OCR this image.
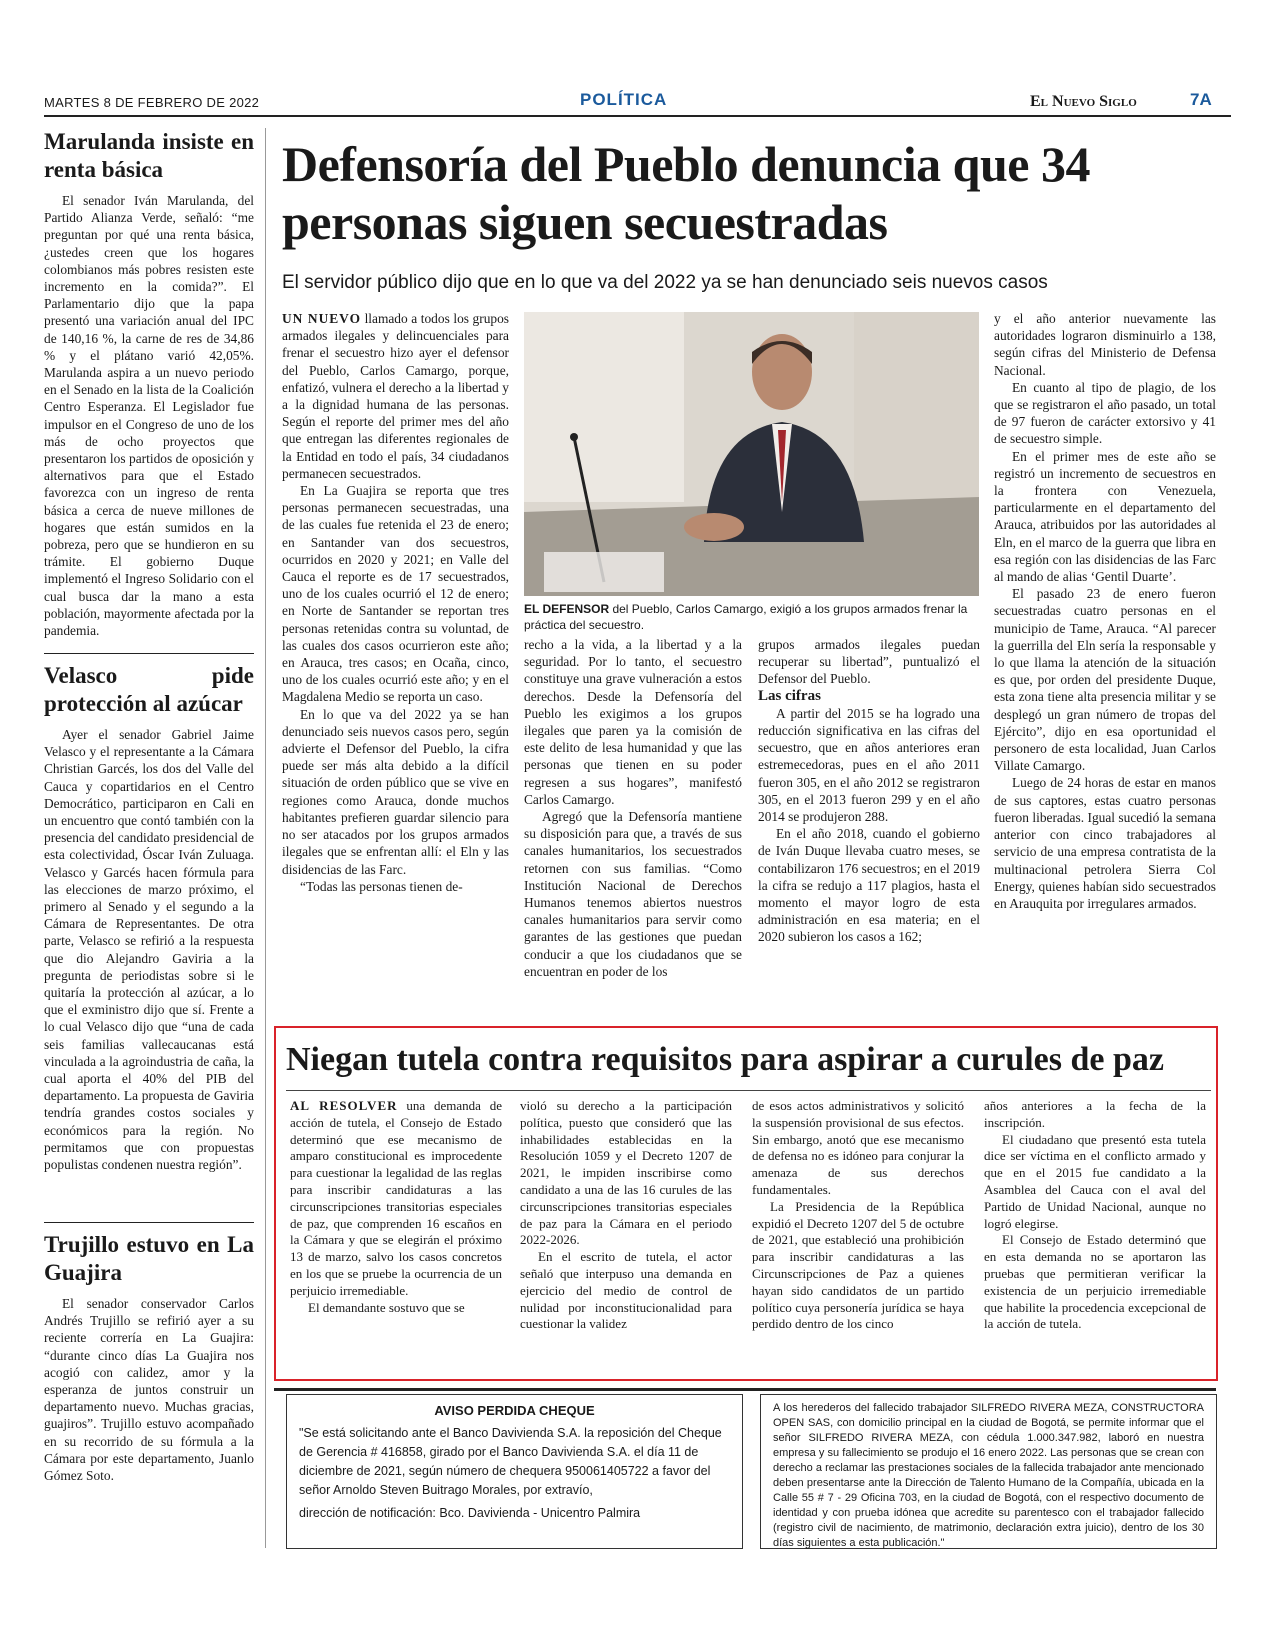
MARTES 8 DE FEBRERO DE 2022	POLÍTICA	El Nuevo Siglo	7A
Marulanda insiste en renta básica

El senador Iván Marulanda, del Partido Alianza Verde, señaló: “me preguntan por qué una renta básica, ¿ustedes creen que los hogares colombianos más pobres resisten este incremento en la comida?”. El Parlamentario dijo que la papa presentó una variación anual del IPC de 140,16 %, la carne de res de 34,86 % y el plátano varió 42,05%. Marulanda aspira a un nuevo periodo en el Senado en la lista de la Coalición Centro Esperanza. El Legislador fue impulsor en el Congreso de uno de los más de ocho proyectos que presentaron los partidos de oposición y alternativos para que el Estado favorezca con un ingreso de renta básica a cerca de nueve millones de hogares que están sumidos en la pobreza, pero que se hundieron en su trámite. El gobierno Duque implementó el Ingreso Solidario con el cual busca dar la mano a esta población, mayormente afectada por la pandemia.

Velasco pide protección al azúcar

Ayer el senador Gabriel Jaime Velasco y el representante a la Cámara Christian Garcés, los dos del Valle del Cauca y copartidarios en el Centro Democrático, participaron en Cali en un encuentro que contó también con la presencia del candidato presidencial de esta colectividad, Óscar Iván Zuluaga. Velasco y Garcés hacen fórmula para las elecciones de marzo próximo, el primero al Senado y el segundo a la Cámara de Representantes. De otra parte, Velasco se refirió a la respuesta que dio Alejandro Gaviria a la pregunta de periodistas sobre si le quitaría la protección al azúcar, a lo que el exministro dijo que sí. Frente a lo cual Velasco dijo que “una de cada seis familias vallecaucanas está vinculada a la agroindustria de caña, la cual aporta el 40% del PIB del departamento. La propuesta de Gaviria tendría grandes costos sociales y económicos para la región. No permitamos que con propuestas populistas condenen nuestra región”.

Trujillo estuvo en La Guajira

El senador conservador Carlos Andrés Trujillo se refirió ayer a su reciente correría en La Guajira: “durante cinco días La Guajira nos acogió con calidez, amor y la esperanza de juntos construir un departamento nuevo. Muchas gracias, guajiros”. Trujillo estuvo acompañado en su recorrido de su fórmula a la Cámara por este departamento, Juanlo Gómez Soto.

Defensoría del Pueblo denuncia que 34 personas siguen secuestradas
El servidor público dijo que en lo que va del 2022 ya se han denunciado seis nuevos casos

UN NUEVO llamado a todos los grupos armados ilegales y delincuenciales para frenar el secuestro hizo ayer el defensor del Pueblo, Carlos Camargo, porque, enfatizó, vulnera el derecho a la libertad y a la dignidad humana de las personas. Según el reporte del primer mes del año que entregan las diferentes regionales de la Entidad en todo el país, 34 ciudadanos permanecen secuestrados.

En La Guajira se reporta que tres personas permanecen secuestradas, una de las cuales fue retenida el 23 de enero; en Santander van dos secuestros, ocurridos en 2020 y 2021; en Valle del Cauca el reporte es de 17 secuestrados, uno de los cuales ocurrió el 12 de enero; en Norte de Santander se reportan tres personas retenidas contra su voluntad, de las cuales dos casos ocurrieron este año; en Arauca, tres casos; en Ocaña, cinco, uno de los cuales ocurrió este año; y en el Magdalena Medio se reporta un caso.

En lo que va del 2022 ya se han denunciado seis nuevos casos pero, según advierte el Defensor del Pueblo, la cifra puede ser más alta debido a la difícil situación de orden público que se vive en regiones como Arauca, donde muchos habitantes prefieren guardar silencio para no ser atacados por los grupos armados ilegales que se enfrentan allí: el Eln y las disidencias de las Farc.

“Todas las personas tienen de-

EL DEFENSOR del Pueblo, Carlos Camargo, exigió a los grupos armados frenar la práctica del secuestro.

recho a la vida, a la libertad y a la seguridad. Por lo tanto, el secuestro constituye una grave vulneración a estos derechos. Desde la Defensoría del Pueblo les exigimos a los grupos ilegales que paren ya la comisión de este delito de lesa humanidad y que las personas que tienen en su poder regresen a sus hogares”, manifestó Carlos Camargo.

Agregó que la Defensoría mantiene su disposición para que, a través de sus canales humanitarios, los secuestrados retornen con sus familias. “Como Institución Nacional de Derechos Humanos tenemos abiertos nuestros canales humanitarios para servir como garantes de las gestiones que puedan conducir a que los ciudadanos que se encuentran en poder de los

grupos armados ilegales puedan recuperar su libertad”, puntualizó el Defensor del Pueblo.

Las cifras

A partir del 2015 se ha logrado una reducción significativa en las cifras del secuestro, que en años anteriores eran estremecedoras, pues en el año 2011 fueron 305, en el año 2012 se registraron 305, en el 2013 fueron 299 y en el año 2014 se produjeron 288.

En el año 2018, cuando el gobierno de Iván Duque llevaba cuatro meses, se contabilizaron 176 secuestros; en el 2019 la cifra se redujo a 117 plagios, hasta el momento el mayor logro de esta administración en esa materia; en el 2020 subieron los casos a 162;

y el año anterior nuevamente las autoridades lograron disminuirlo a 138, según cifras del Ministerio de Defensa Nacional.

En cuanto al tipo de plagio, de los que se registraron el año pasado, un total de 97 fueron de carácter extorsivo y 41 de secuestro simple.

En el primer mes de este año se registró un incremento de secuestros en la frontera con Venezuela, particularmente en el departamento del Arauca, atribuidos por las autoridades al Eln, en el marco de la guerra que libra en esa región con las disidencias de las Farc al mando de alias ‘Gentil Duarte’.

El pasado 23 de enero fueron secuestradas cuatro personas en el municipio de Tame, Arauca. “Al parecer la guerrilla del Eln sería la responsable y lo que llama la atención de la situación es que, por orden del presidente Duque, esta zona tiene alta presencia militar y se desplegó un gran número de tropas del Ejército”, dijo en esa oportunidad el personero de esta localidad, Juan Carlos Villate Camargo.

Luego de 24 horas de estar en manos de sus captores, estas cuatro personas fueron liberadas. Igual sucedió la semana anterior con cinco trabajadores al servicio de una empresa contratista de la multinacional petrolera Sierra Col Energy, quienes habían sido secuestrados en Arauquita por irregulares armados.

Niegan tutela contra requisitos para aspirar a curules de paz

AL RESOLVER una demanda de acción de tutela, el Consejo de Estado determinó que ese mecanismo de amparo constitucional es improcedente para cuestionar la legalidad de las reglas para inscribir candidaturas a las circunscripciones transitorias especiales de paz, que comprenden 16 escaños en la Cámara y que se elegirán el próximo 13 de marzo, salvo los casos concretos en los que se pruebe la ocurrencia de un perjuicio irremediable.

El demandante sostuvo que se

violó su derecho a la participación política, puesto que consideró que las inhabilidades establecidas en la Resolución 1059 y el Decreto 1207 de 2021, le impiden inscribirse como candidato a una de las 16 curules de las circunscripciones transitorias especiales de paz para la Cámara en el periodo 2022-2026.

En el escrito de tutela, el actor señaló que interpuso una demanda en ejercicio del medio de control de nulidad por inconstitucionalidad para cuestionar la validez

de esos actos administrativos y solicitó la suspensión provisional de sus efectos. Sin embargo, anotó que ese mecanismo de defensa no es idóneo para conjurar la amenaza de sus derechos fundamentales.

La Presidencia de la República expidió el Decreto 1207 del 5 de octubre de 2021, que estableció una prohibición para inscribir candidaturas a las Circunscripciones de Paz a quienes hayan sido candidatos de un partido político cuya personería jurídica se haya perdido dentro de los cinco

años anteriores a la fecha de la inscripción.

El ciudadano que presentó esta tutela dice ser víctima en el conflicto armado y que en el 2015 fue candidato a la Asamblea del Cauca con el aval del Partido de Unidad Nacional, aunque no logró elegirse.

El Consejo de Estado determinó que en esta demanda no se aportaron las pruebas que permitieran verificar la existencia de un perjuicio irremediable que habilite la procedencia excepcional de la acción de tutela.

AVISO PERDIDA CHEQUE
"Se está solicitando ante el Banco Davivienda S.A. la reposición del Cheque de Gerencia # 416858, girado por el Banco Daviviendа S.A. el día 11 de diciembre de 2021, según número de chequera 950061405722 a favor del señor Arnoldo Steven Buitrago Morales, por extravío,
dirección de notificación: Bco. Davivienda - Unicentro Palmira
A los herederos del fallecido trabajador SILFREDO RIVERA MEZA, CONSTRUCTORA OPEN SAS, con domicilio principal en la ciudad de Bogotá, se permite informar que el señor SILFREDO RIVERA MEZA, con cédula 1.000.347.982, laboró en nuestra empresa y su fallecimiento se produjo el 16 enero 2022. Las personas que se crean con derecho a reclamar las prestaciones sociales de la fallecida trabajador ante mencionado deben presentarse ante la Dirección de Talento Humano de la Compañía, ubicada en la Calle 55 # 7 - 29 Oficina 703, en la ciudad de Bogotá, con el respectivo documento de identidad y con prueba idónea que acredite su parentesco con el trabajador fallecido (registro civil de nacimiento, de matrimonio, declaración extra juicio), dentro de los 30 días siguientes a esta publicación."
